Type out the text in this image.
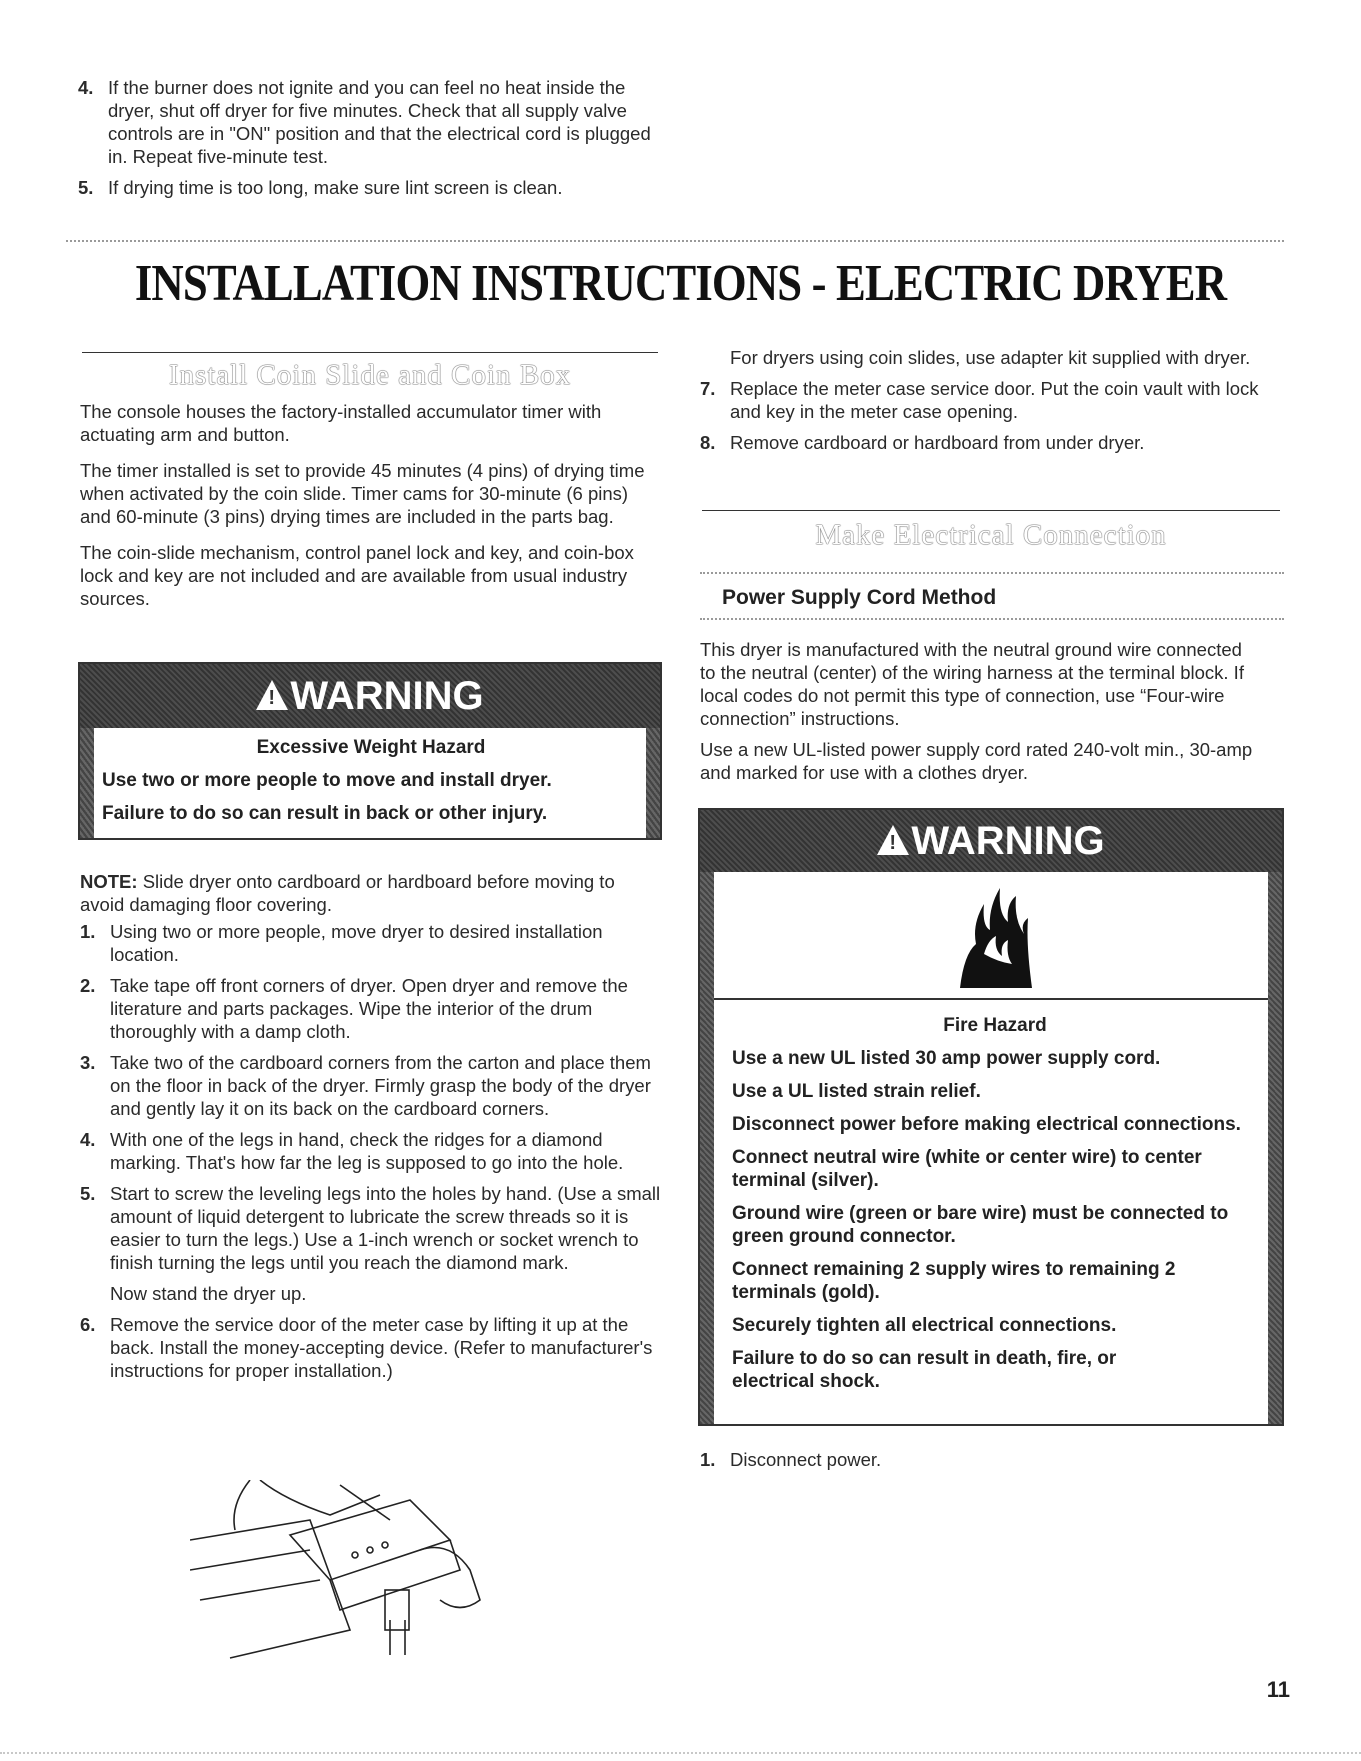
4. If the burner does not ignite and you can feel no heat inside the dryer, shut off dryer for five minutes. Check that all supply valve controls are in "ON" position and that the electrical cord is plugged in. Repeat five-minute test.
5. If drying time is too long, make sure lint screen is clean.
INSTALLATION INSTRUCTIONS - ELECTRIC DRYER
Install Coin Slide and Coin Box

The console houses the factory-installed accumulator timer with actuating arm and button.

The timer installed is set to provide 45 minutes (4 pins) of drying time when activated by the coin slide. Timer cams for 30-minute (6 pins) and 60-minute (3 pins) drying times are included in the parts bag.

The coin-slide mechanism, control panel lock and key, and coin-box lock and key are not included and are available from usual industry sources.

!WARNING
Excessive Weight Hazard
Use two or more people to move and install dryer.
Failure to do so can result in back or other injury.
NOTE: Slide dryer onto cardboard or hardboard before moving to avoid damaging floor covering.
1. Using two or more people, move dryer to desired installation location.
2. Take tape off front corners of dryer. Open dryer and remove the literature and parts packages. Wipe the interior of the drum thoroughly with a damp cloth.
3. Take two of the cardboard corners from the carton and place them on the floor in back of the dryer. Firmly grasp the body of the dryer and gently lay it on its back on the cardboard corners.
4. With one of the legs in hand, check the ridges for a diamond marking. That's how far the leg is supposed to go into the hole.
5. Start to screw the leveling legs into the holes by hand. (Use a small amount of liquid detergent to lubricate the screw threads so it is easier to turn the legs.) Use a 1-inch wrench or socket wrench to finish turning the legs until you reach the diamond mark.
Now stand the dryer up.
6. Remove the service door of the meter case by lifting it up at the back. Install the money-accepting device. (Refer to manufacturer's instructions for proper installation.)
For dryers using coin slides, use adapter kit supplied with dryer.
7. Replace the meter case service door. Put the coin vault with lock and key in the meter case opening.
8. Remove cardboard or hardboard from under dryer.
Make Electrical Connection
Power Supply Cord Method

This dryer is manufactured with the neutral ground wire connected to the neutral (center) of the wiring harness at the terminal block. If local codes do not permit this type of connection, use “Four-wire connection” instructions.

Use a new UL-listed power supply cord rated 240-volt min., 30-amp and marked for use with a clothes dryer.

!WARNING
Fire Hazard
Use a new UL listed 30 amp power supply cord.
Use a UL listed strain relief.
Disconnect power before making electrical connections.
Connect neutral wire (white or center wire) to center terminal (silver).
Ground wire (green or bare wire) must be connected to green ground connector.
Connect remaining 2 supply wires to remaining 2 terminals (gold).
Securely tighten all electrical connections.
Failure to do so can result in death, fire, or electrical shock.
1. Disconnect power.
11
